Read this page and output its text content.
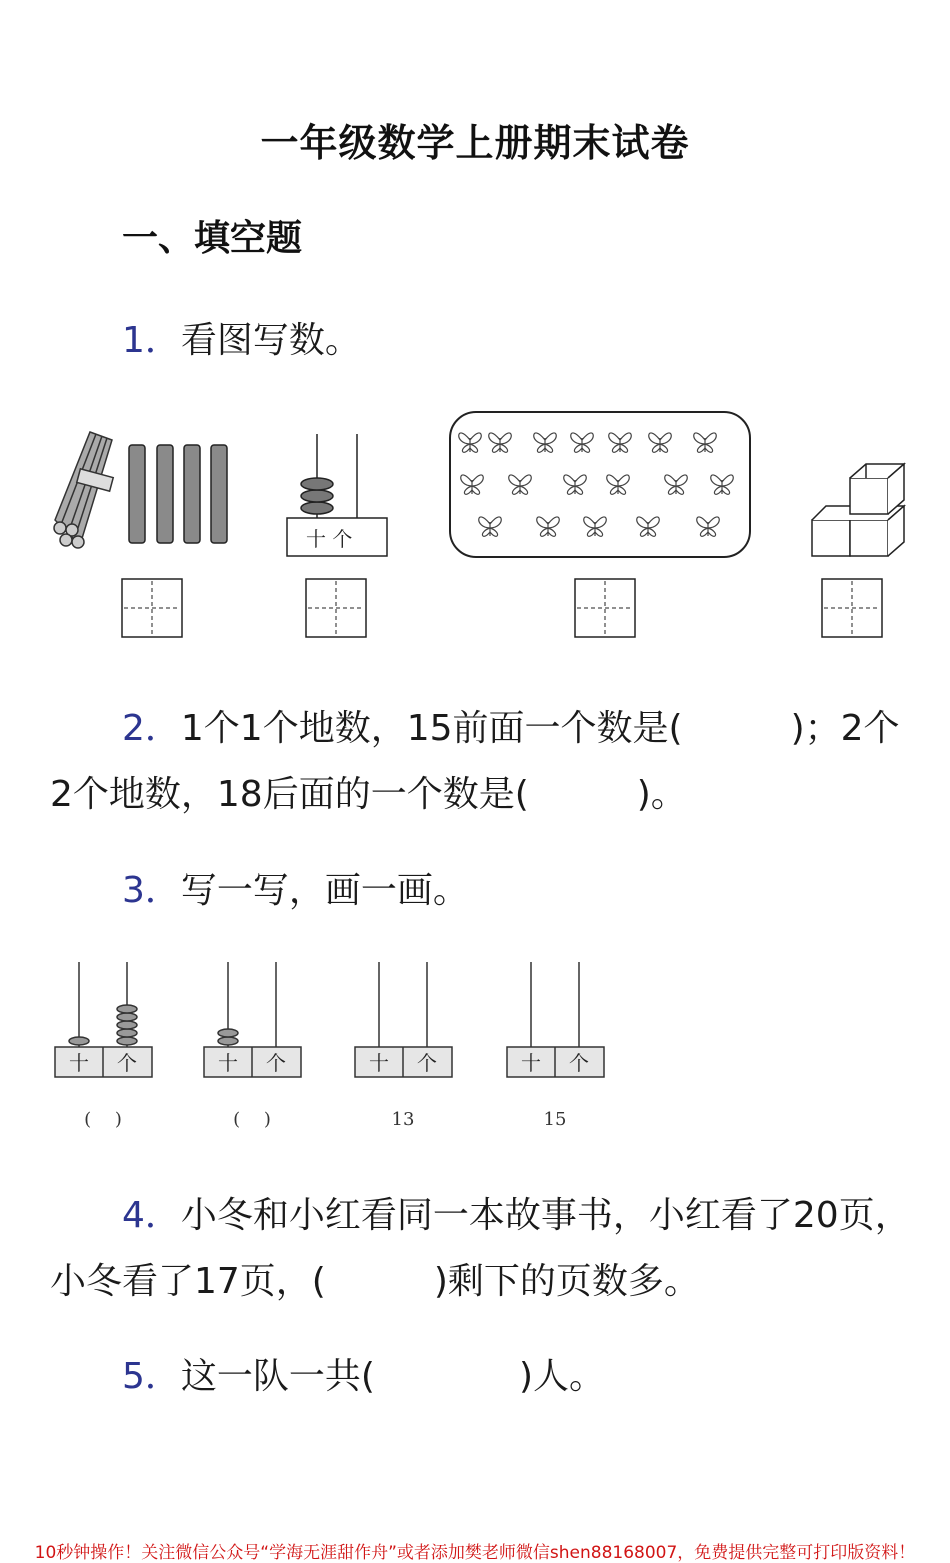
一年级数学上册期末试卷
一、填空题
1．看图写数。
十 个
十 个
(　 )
十 个
(　 )
十 个
13
十 个
15
2．1个1个地数，15前面一个数是(　　　)；2个
2个地数，18后面的一个数是(　　　)。
3．写一写，画一画。
4．小冬和小红看同一本故事书，小红看了20页，
小冬看了17页，(　　　)剩下的页数多。
5．这一队一共(　　　　)人。
10秒钟操作！关注微信公众号“学海无涯甜作舟”或者添加樊老师微信shen88168007，免费提供完整可打印版资料！
